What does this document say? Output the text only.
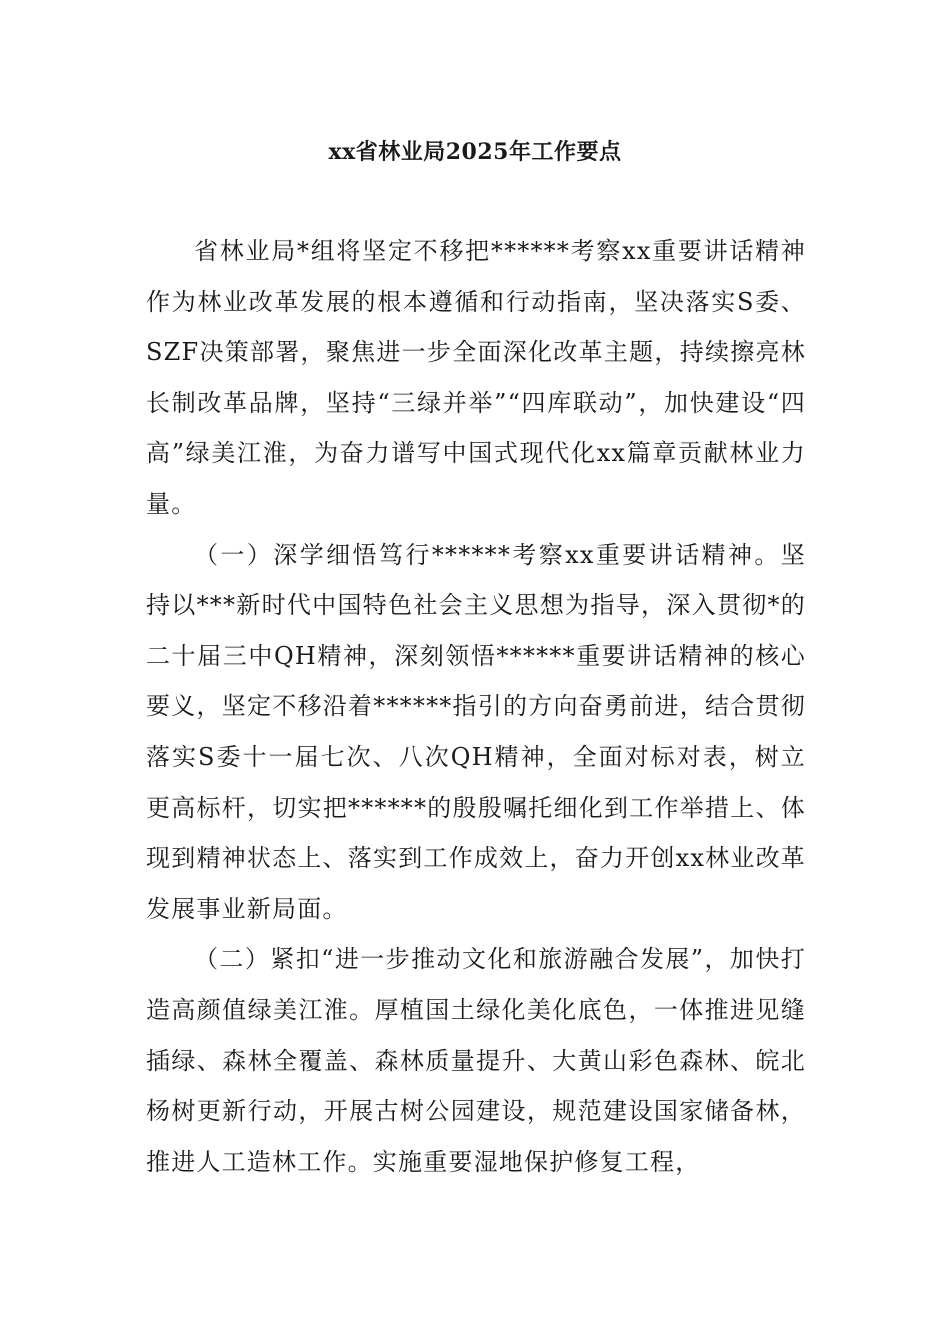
xx省林业局2025年工作要点

省林业局*组将坚定不移把******考察xx重要讲话精神作为林业改革发展的根本遵循和行动指南，坚决落实S委、SZF决策部署，聚焦进一步全面深化改革主题，持续擦亮林长制改革品牌，坚持“三绿并举”“四库联动”，加快建设“四高”绿美江淮，为奋力谱写中国式现代化xx篇章贡献林业力量。

（一）深学细悟笃行******考察xx重要讲话精神。坚持以***新时代中国特色社会主义思想为指导，深入贯彻*的二十届三中QH精神，深刻领悟******重要讲话精神的核心要义，坚定不移沿着******指引的方向奋勇前进，结合贯彻落实S委十一届七次、八次QH精神，全面对标对表，树立更高标杆，切实把******的殷殷嘱托细化到工作举措上、体现到精神状态上、落实到工作成效上，奋力开创xx林业改革发展事业新局面。

（二）紧扣“进一步推动文化和旅游融合发展”，加快打造高颜值绿美江淮。厚植国土绿化美化底色，一体推进见缝插绿、森林全覆盖、森林质量提升、大黄山彩色森林、皖北杨树更新行动，开展古树公园建设，规范建设国家储备林，推进人工造林工作。实施重要湿地保护修复工程，
